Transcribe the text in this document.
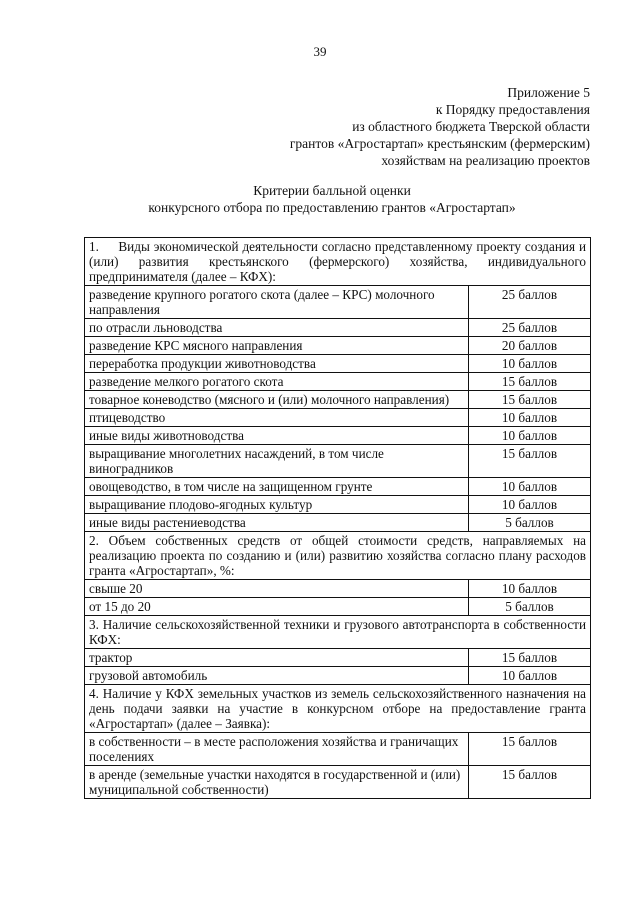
39
Приложение 5
к Порядку предоставления
из областного бюджета Тверской области
грантов «Агростартап» крестьянским (фермерским)
хозяйствам на реализацию проектов
Критерии балльной оценки
конкурсного отбора по предоставлению грантов «Агростартап»
1.     Виды экономической деятельности согласно представленному проекту создания и (или) развития крестьянского (фермерского) хозяйства, индивидуального предпринимателя (далее – КФХ):	
разведение крупного рогатого скота (далее – КРС) молочного направления	25 баллов
по отрасли льноводства	25 баллов
разведение КРС мясного направления	20 баллов
переработка продукции животноводства	10 баллов
разведение мелкого рогатого скота	15 баллов
товарное коневодство (мясного и (или) молочного направления)	15 баллов
птицеводство	10 баллов
иные виды животноводства	10 баллов
выращивание многолетних насаждений, в том числе виноградников	15 баллов
овощеводство, в том числе на защищенном грунте	10 баллов
выращивание плодово-ягодных культур	10 баллов
иные виды растениеводства	5 баллов
2. Объем собственных средств от общей стоимости средств, направляемых на реализацию проекта по созданию и (или) развитию хозяйства согласно плану расходов гранта «Агростартап», %:	
свыше 20	10 баллов
от 15 до 20	5 баллов
3. Наличие сельскохозяйственной техники и грузового автотранспорта в собственности КФХ:	
трактор	15 баллов
грузовой автомобиль	10 баллов
4. Наличие у КФХ земельных участков из земель сельскохозяйственного назначения на день подачи заявки на участие в конкурсном отборе на предоставление гранта «Агростартап» (далее – Заявка):	
в собственности – в месте расположения хозяйства и граничащих поселениях	15 баллов
в аренде (земельные участки находятся в государственной и (или) муниципальной собственности)	15 баллов
